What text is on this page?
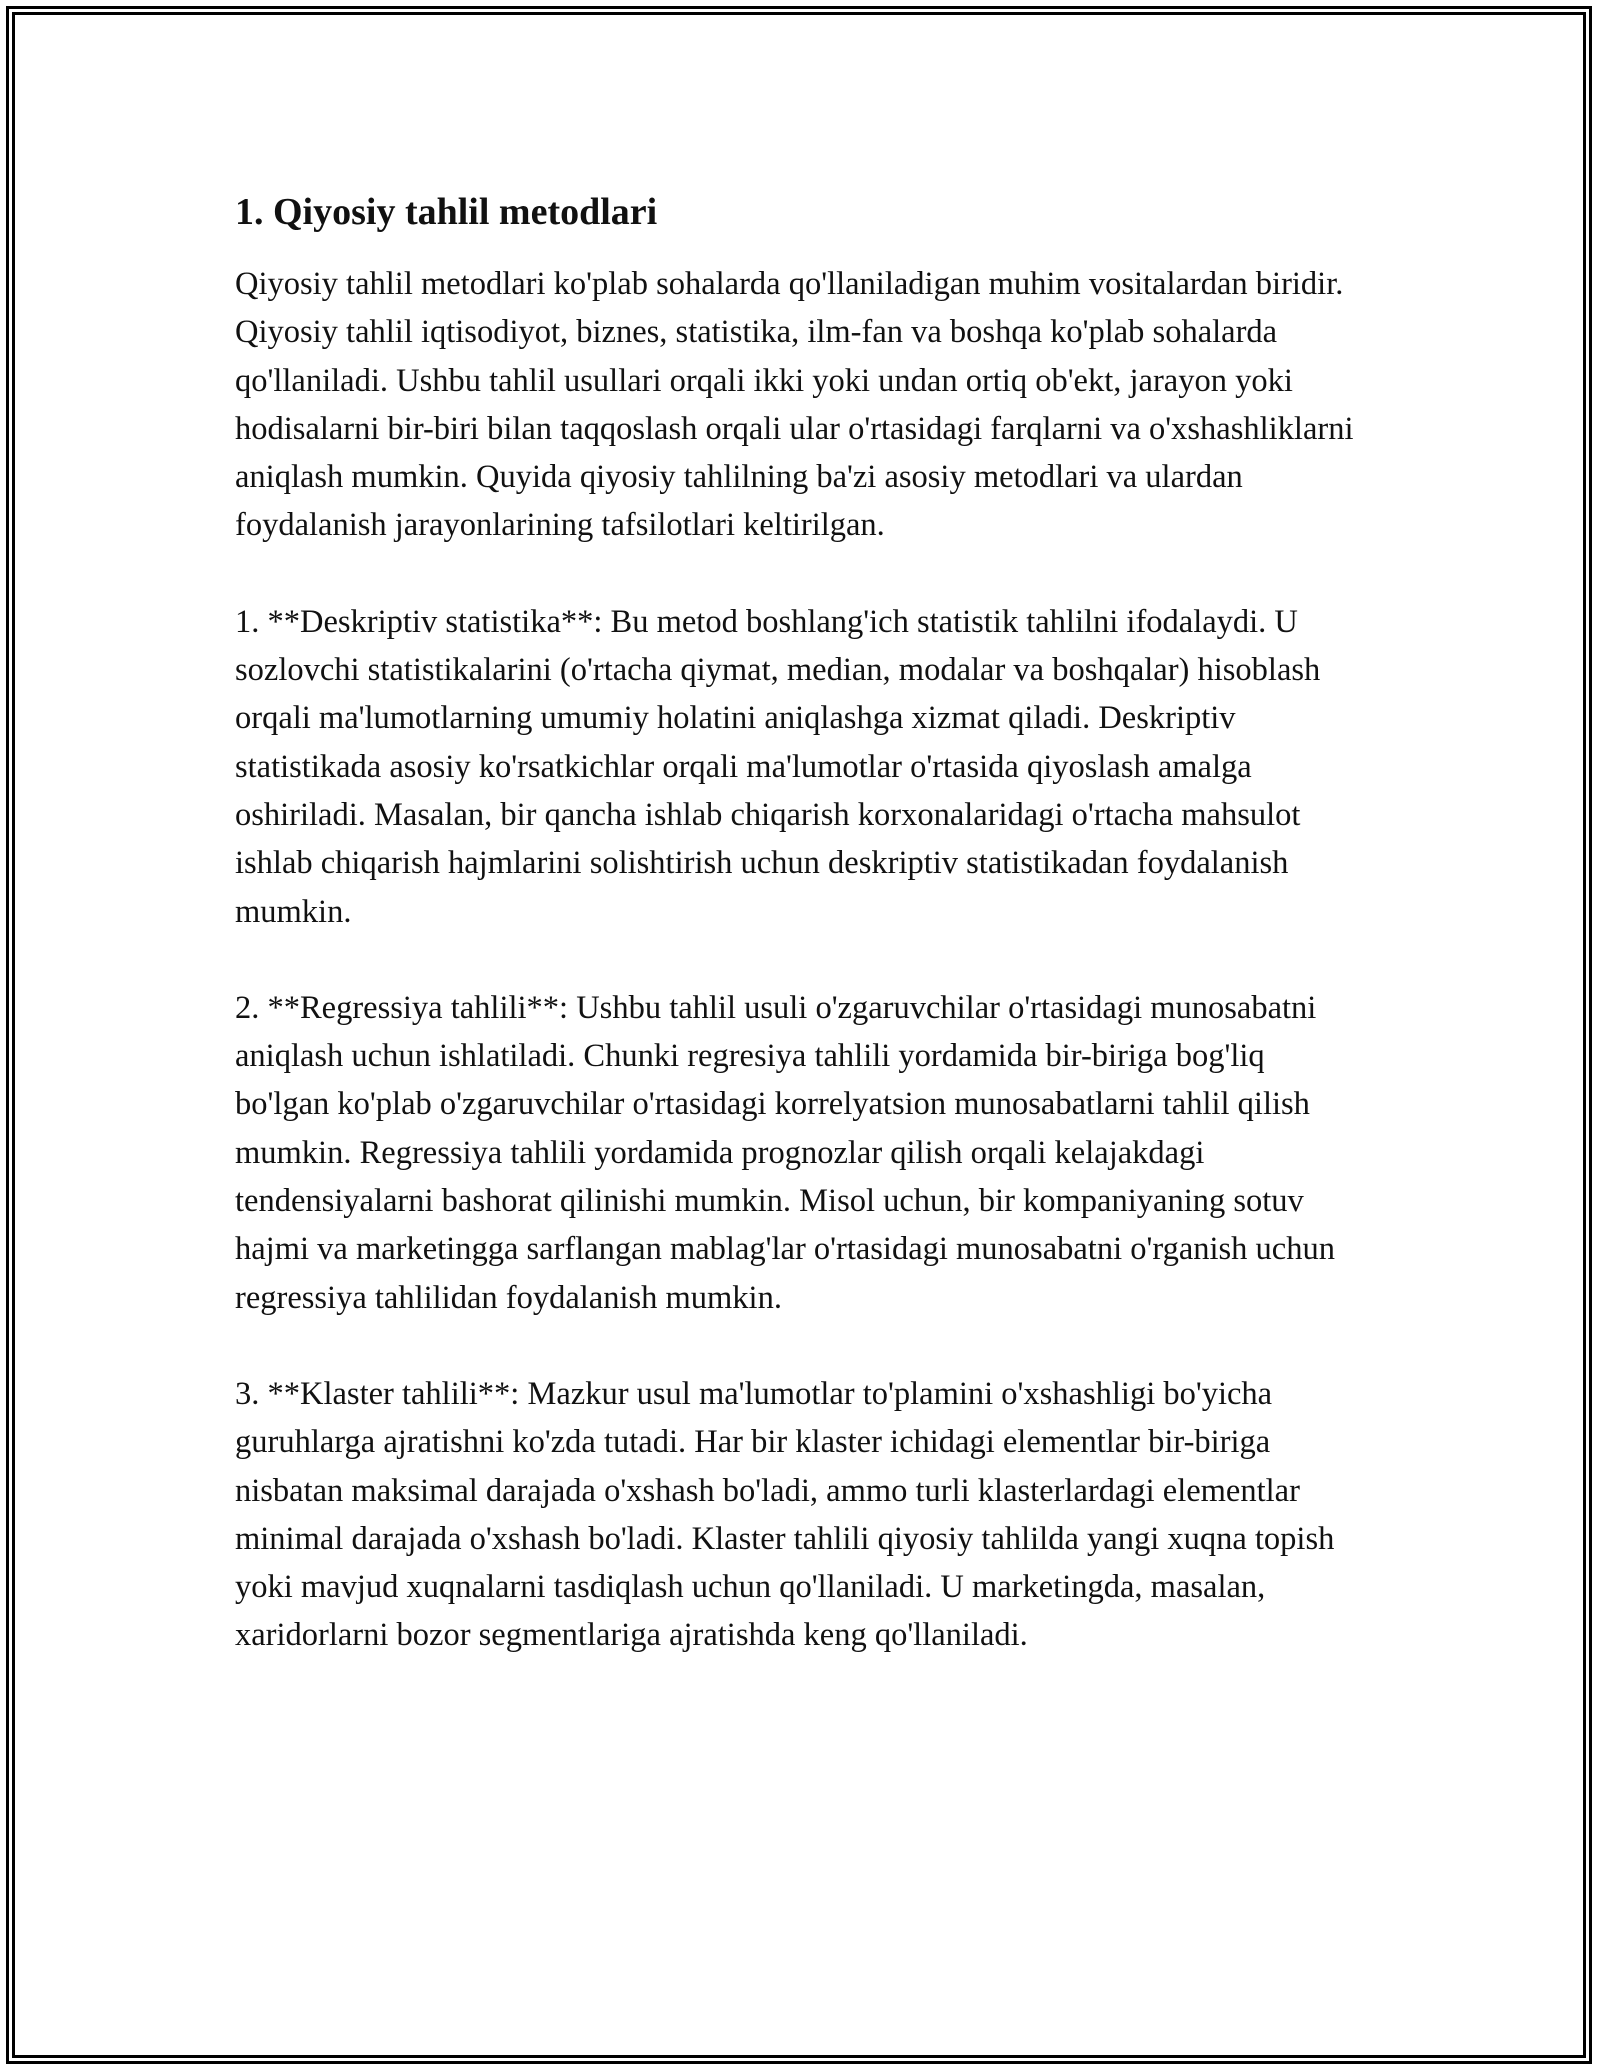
1. Qiyosiy tahlil metodlari

Qiyosiy tahlil metodlari ko'plab sohalarda qo'llaniladigan muhim vositalardan biridir. Qiyosiy tahlil iqtisodiyot, biznes, statistika, ilm-fan va boshqa ko'plab sohalarda qo'llaniladi. Ushbu tahlil usullari orqali ikki yoki undan ortiq ob'ekt, jarayon yoki hodisalarni bir-biri bilan taqqoslash orqali ular o'rtasidagi farqlarni va o'xshashliklarni aniqlash mumkin. Quyida qiyosiy tahlilning ba'zi asosiy metodlari va ulardan foydalanish jarayonlarining tafsilotlari keltirilgan.

1. **Deskriptiv statistika**: Bu metod boshlang'ich statistik tahlilni ifodalaydi. U sozlovchi statistikalarini (o'rtacha qiymat, median, modalar va boshqalar) hisoblash orqali ma'lumotlarning umumiy holatini aniqlashga xizmat qiladi. Deskriptiv statistikada asosiy ko'rsatkichlar orqali ma'lumotlar o'rtasida qiyoslash amalga oshiriladi. Masalan, bir qancha ishlab chiqarish korxonalaridagi o'rtacha mahsulot ishlab chiqarish hajmlarini solishtirish uchun deskriptiv statistikadan foydalanish mumkin.

2. **Regressiya tahlili**: Ushbu tahlil usuli o'zgaruvchilar o'rtasidagi munosabatni aniqlash uchun ishlatiladi. Chunki regresiya tahlili yordamida bir-biriga bog'liq bo'lgan ko'plab o'zgaruvchilar o'rtasidagi korrelyatsion munosabatlarni tahlil qilish mumkin. Regressiya tahlili yordamida prognozlar qilish orqali kelajakdagi tendensiyalarni bashorat qilinishi mumkin. Misol uchun, bir kompaniyaning sotuv hajmi va marketingga sarflangan mablag'lar o'rtasidagi munosabatni o'rganish uchun regressiya tahlilidan foydalanish mumkin.

3. **Klaster tahlili**: Mazkur usul ma'lumotlar to'plamini o'xshashligi bo'yicha guruhlarga ajratishni ko'zda tutadi. Har bir klaster ichidagi elementlar bir-biriga nisbatan maksimal darajada o'xshash bo'ladi, ammo turli klasterlardagi elementlar minimal darajada o'xshash bo'ladi. Klaster tahlili qiyosiy tahlilda yangi xuqna topish yoki mavjud xuqnalarni tasdiqlash uchun qo'llaniladi. U marketingda, masalan, xaridorlarni bozor segmentlariga ajratishda keng qo'llaniladi.
